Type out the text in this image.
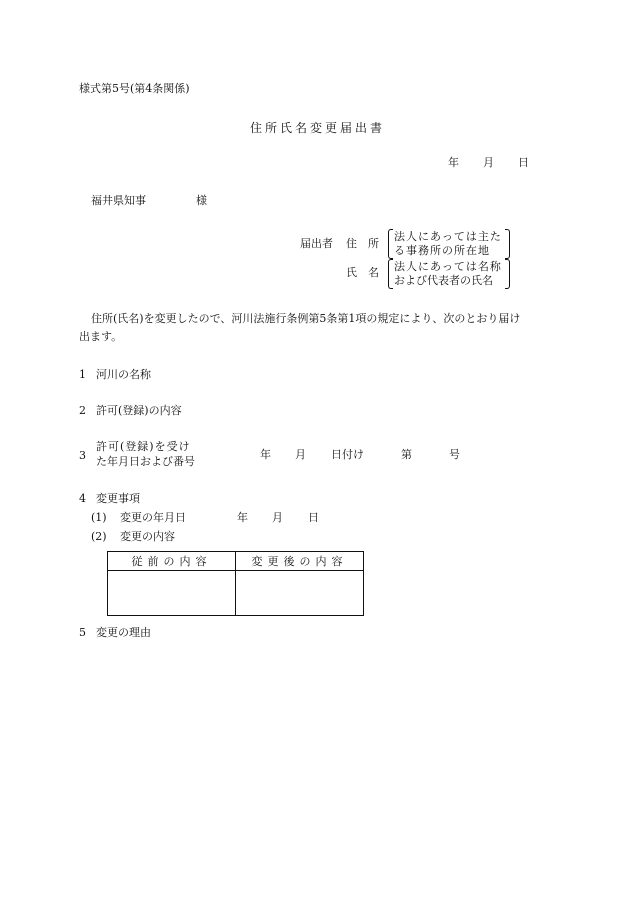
様式第5号(第4条関係)
住所氏名変更届出書
年 月 日
福井県知事	様
届出者 住　所
法人にあっては主た
る事務所の所在地
氏　名 法人にあっては名称
および代表者の氏名
住所(氏名)を変更したので、河川法施行条例第5条第1項の規定により、次のとおり届け
出ます。
1 河川の名称
2 許可(登録)の内容
3
許可(登録)を受け
た年月日および番号
年 月 日付け	第	号
4 変更事項
(1) 変更の年月日	年 月 日
(2) 変更の内容
従前の内容	変更後の内容

5 変更の理由
